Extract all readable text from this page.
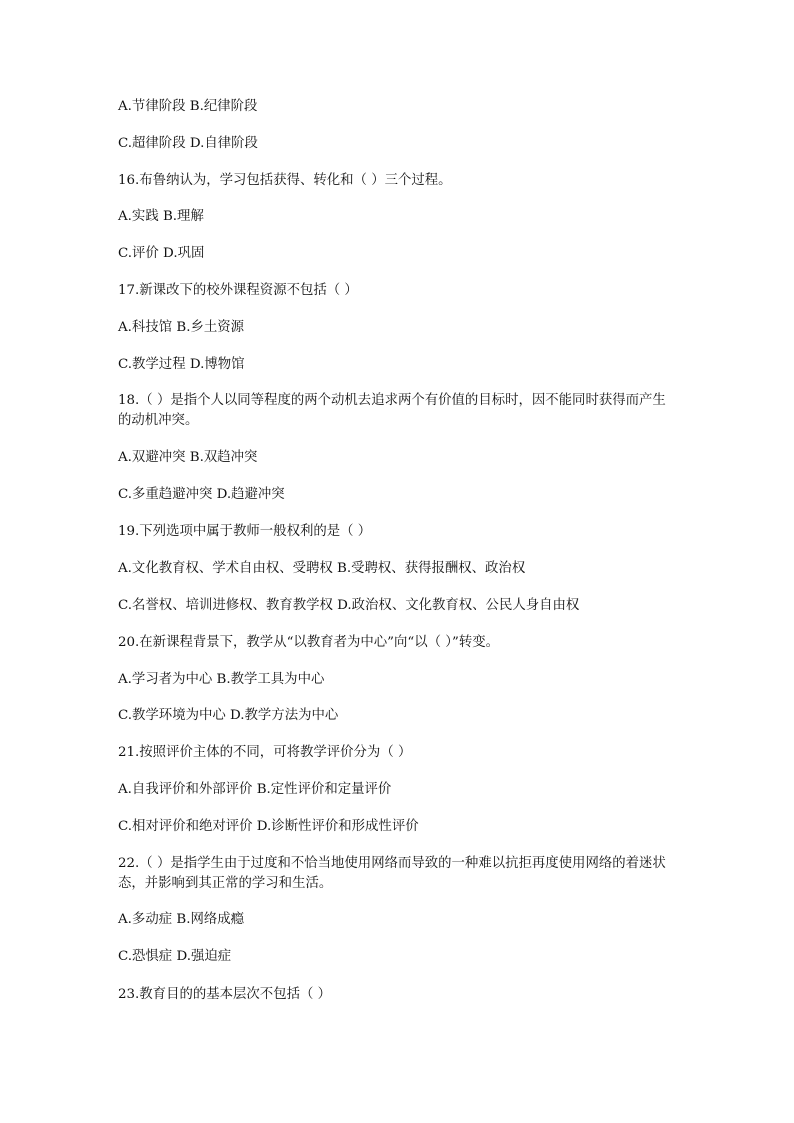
A.节律阶段 B.纪律阶段
C.超律阶段 D.自律阶段
16.布鲁纳认为，学习包括获得、转化和（ ）三个过程。
A.实践 B.理解
C.评价 D.巩固
17.新课改下的校外课程资源不包括（ ）
A.科技馆 B.乡土资源
C.教学过程 D.博物馆
18.（ ）是指个人以同等程度的两个动机去追求两个有价值的目标时，因不能同时获得而产生的动机冲突。
A.双避冲突 B.双趋冲突
C.多重趋避冲突 D.趋避冲突
19.下列选项中属于教师一般权利的是（ ）
A.文化教育权、学术自由权、受聘权 B.受聘权、获得报酬权、政治权
C.名誉权、培训进修权、教育教学权 D.政治权、文化教育权、公民人身自由权
20.在新课程背景下，教学从“以教育者为中心”向“以（ ）”转变。
A.学习者为中心 B.教学工具为中心
C.教学环境为中心 D.教学方法为中心
21.按照评价主体的不同，可将教学评价分为（ ）
A.自我评价和外部评价 B.定性评价和定量评价
C.相对评价和绝对评价 D.诊断性评价和形成性评价
22.（ ）是指学生由于过度和不恰当地使用网络而导致的一种难以抗拒再度使用网络的着迷状态，并影响到其正常的学习和生活。
A.多动症 B.网络成瘾
C.恐惧症 D.强迫症
23.教育目的的基本层次不包括（ ）
